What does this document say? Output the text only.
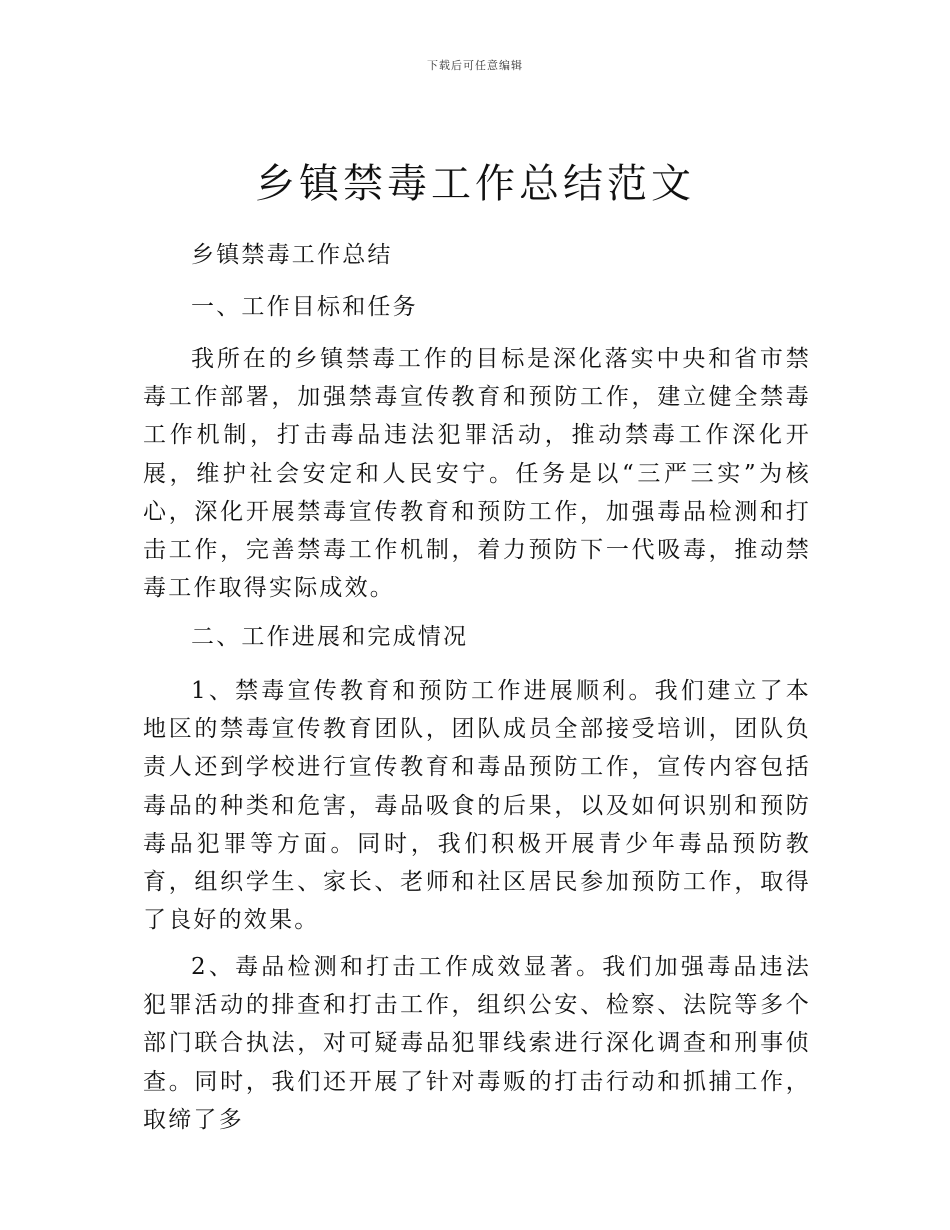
下载后可任意编辑
乡镇禁毒工作总结范文
乡镇禁毒工作总结
一、工作目标和任务
我所在的乡镇禁毒工作的目标是深化落实中央和省市禁毒工作部署，加强禁毒宣传教育和预防工作，建立健全禁毒工作机制，打击毒品违法犯罪活动，推动禁毒工作深化开展，维护社会安定和人民安宁。任务是以“三严三实”为核心，深化开展禁毒宣传教育和预防工作，加强毒品检测和打击工作，完善禁毒工作机制，着力预防下一代吸毒，推动禁毒工作取得实际成效。
二、工作进展和完成情况
1、禁毒宣传教育和预防工作进展顺利。我们建立了本地区的禁毒宣传教育团队，团队成员全部接受培训，团队负责人还到学校进行宣传教育和毒品预防工作，宣传内容包括毒品的种类和危害，毒品吸食的后果，以及如何识别和预防毒品犯罪等方面。同时，我们积极开展青少年毒品预防教育，组织学生、家长、老师和社区居民参加预防工作，取得了良好的效果。
2、毒品检测和打击工作成效显著。我们加强毒品违法犯罪活动的排查和打击工作，组织公安、检察、法院等多个部门联合执法，对可疑毒品犯罪线索进行深化调查和刑事侦查。同时，我们还开展了针对毒贩的打击行动和抓捕工作，取缔了多
